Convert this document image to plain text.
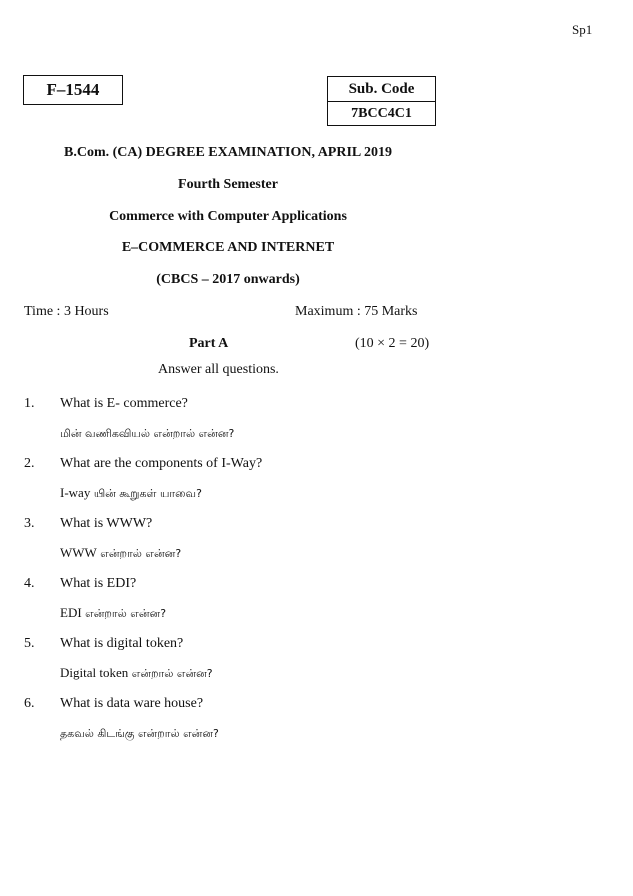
Sp1
F–1544	Sub. Code
7BCC4C1
B.Com. (CA) DEGREE EXAMINATION, APRIL 2019
Fourth Semester
Commerce with Computer Applications
E–COMMERCE AND INTERNET
(CBCS – 2017 onwards)
Time : 3 Hours	Maximum : 75 Marks
Part A	(10 × 2 = 20)
Answer all questions.
1. What is E- commerce?
மின் வணிகவியல் என்றால் என்ன?
2. What are the components of I-Way?
I-way யின் கூறுகள் யாவை?
3. What is WWW?
WWW என்றால் என்ன?
4. What is EDI?
EDI என்றால் என்ன?
5. What is digital token?
Digital token என்றால் என்ன?
6. What is data ware house?
தகவல் கிடங்கு என்றால் என்ன?
